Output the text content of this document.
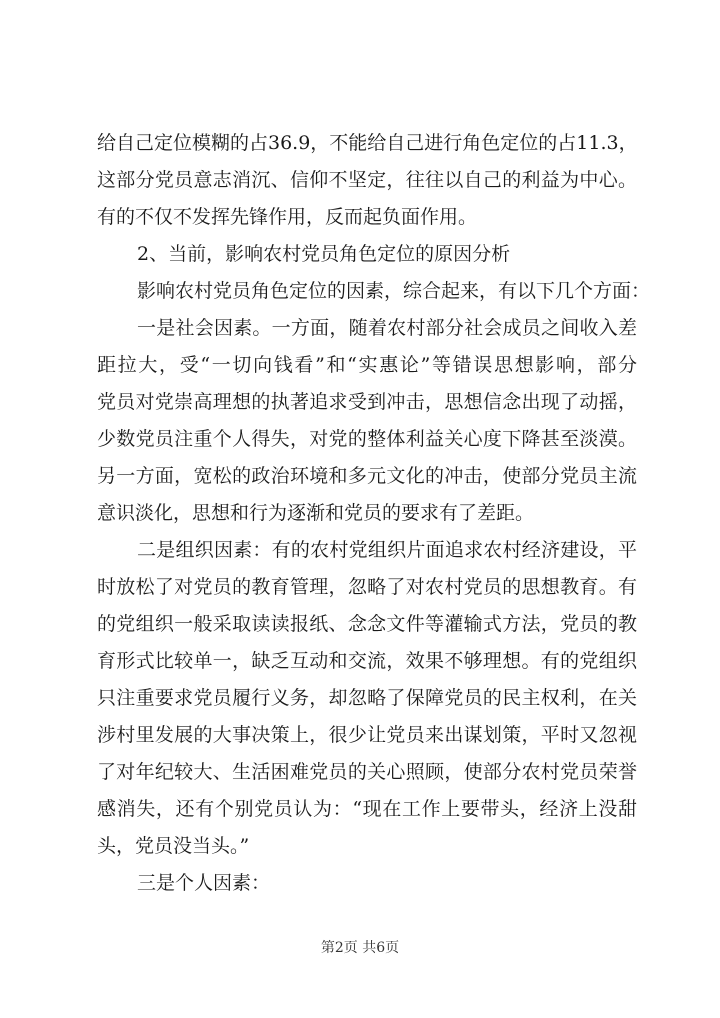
给自己定位模糊的占36.9，不能给自己进行角色定位的占11.3，
这部分党员意志消沉、信仰不坚定，往往以自己的利益为中心。
有的不仅不发挥先锋作用，反而起负面作用。
2、当前，影响农村党员角色定位的原因分析
影响农村党员角色定位的因素，综合起来，有以下几个方面：
一是社会因素。一方面，随着农村部分社会成员之间收入差
距拉大，受“一切向钱看”和“实惠论”等错误思想影响，部分
党员对党崇高理想的执著追求受到冲击，思想信念出现了动摇，
少数党员注重个人得失，对党的整体利益关心度下降甚至淡漠。
另一方面，宽松的政治环境和多元文化的冲击，使部分党员主流
意识淡化，思想和行为逐渐和党员的要求有了差距。
二是组织因素：有的农村党组织片面追求农村经济建设，平
时放松了对党员的教育管理，忽略了对农村党员的思想教育。有
的党组织一般采取读读报纸、念念文件等灌输式方法，党员的教
育形式比较单一，缺乏互动和交流，效果不够理想。有的党组织
只注重要求党员履行义务，却忽略了保障党员的民主权利，在关
涉村里发展的大事决策上，很少让党员来出谋划策，平时又忽视
了对年纪较大、生活困难党员的关心照顾，使部分农村党员荣誉
感消失，还有个别党员认为：“现在工作上要带头，经济上没甜
头，党员没当头。”
三是个人因素：
第2页 共6页
